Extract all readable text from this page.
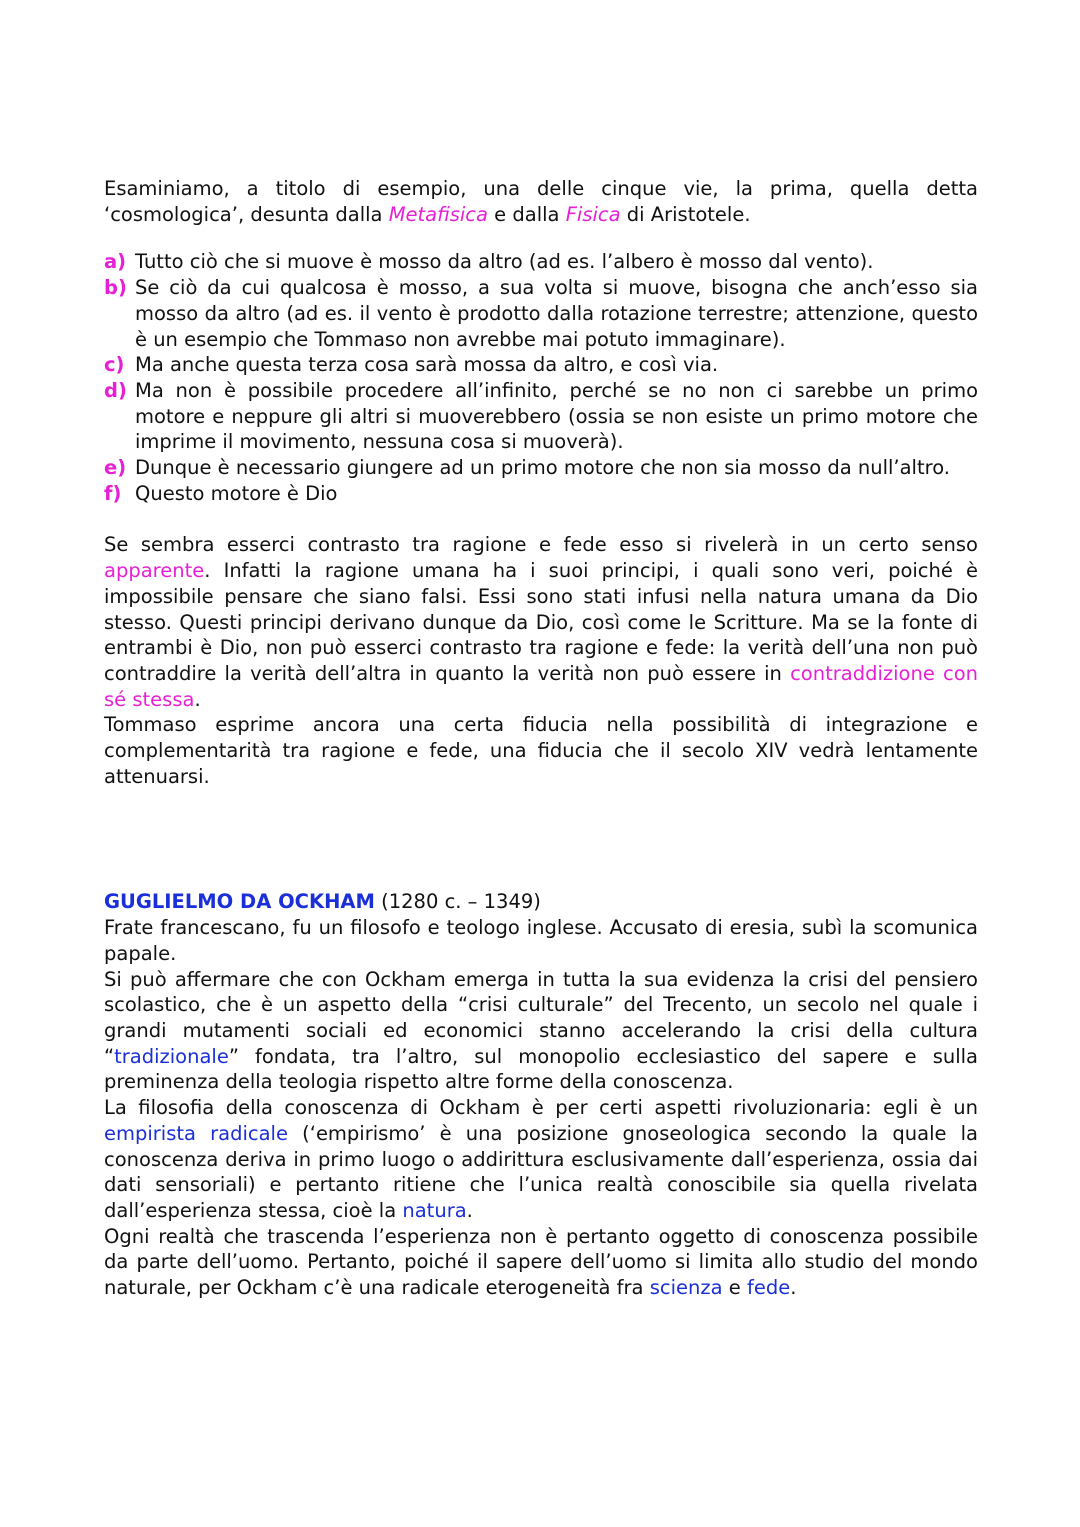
Esaminiamo, a titolo di esempio, una delle cinque vie, la prima, quella detta ‘cosmologica’, desunta dalla Metafisica e dalla Fisica di Aristotele.

a) Tutto ciò che si muove è mosso da altro (ad es. l’albero è mosso dal vento).
b) Se ciò da cui qualcosa è mosso, a sua volta si muove, bisogna che anch’esso sia mosso da altro (ad es. il vento è prodotto dalla rotazione terrestre; attenzione, questo è un esempio che Tommaso non avrebbe mai potuto immaginare).
c) Ma anche questa terza cosa sarà mossa da altro, e così via.
d) Ma non è possibile procedere all’infinito, perché se no non ci sarebbe un primo motore e neppure gli altri si muoverebbero (ossia se non esiste un primo motore che imprime il movimento, nessuna cosa si muoverà).
e) Dunque è necessario giungere ad un primo motore che non sia mosso da null’altro.
f) Questo motore è Dio

Se sembra esserci contrasto tra ragione e fede esso si rivelerà in un certo senso apparente. Infatti la ragione umana ha i suoi principi, i quali sono veri, poiché è impossibile pensare che siano falsi. Essi sono stati infusi nella natura umana da Dio stesso. Questi principi derivano dunque da Dio, così come le Scritture. Ma se la fonte di entrambi è Dio, non può esserci contrasto tra ragione e fede: la verità dell’una non può contraddire la verità dell’altra in quanto la verità non può essere in contraddizione con sé stessa.

Tommaso esprime ancora una certa fiducia nella possibilità di integrazione e complementarità tra ragione e fede, una fiducia che il secolo XIV vedrà lentamente attenuarsi.

GUGLIELMO DA OCKHAM (1280 c. – 1349)

Frate francescano, fu un filosofo e teologo inglese. Accusato di eresia, subì la scomunica papale.

Si può affermare che con Ockham emerga in tutta la sua evidenza la crisi del pensiero scolastico, che è un aspetto della “crisi culturale” del Trecento, un secolo nel quale i grandi mutamenti sociali ed economici stanno accelerando la crisi della cultura “tradizionale” fondata, tra l’altro, sul monopolio ecclesiastico del sapere e sulla preminenza della teologia rispetto altre forme della conoscenza.

La filosofia della conoscenza di Ockham è per certi aspetti rivoluzionaria: egli è un empirista radicale (‘empirismo’ è una posizione gnoseologica secondo la quale la conoscenza deriva in primo luogo o addirittura esclusivamente dall’esperienza, ossia dai dati sensoriali) e pertanto ritiene che l’unica realtà conoscibile sia quella rivelata dall’esperienza stessa, cioè la natura.

Ogni realtà che trascenda l’esperienza non è pertanto oggetto di conoscenza possibile da parte dell’uomo. Pertanto, poiché il sapere dell’uomo si limita allo studio del mondo naturale, per Ockham c’è una radicale eterogeneità fra scienza e fede.
